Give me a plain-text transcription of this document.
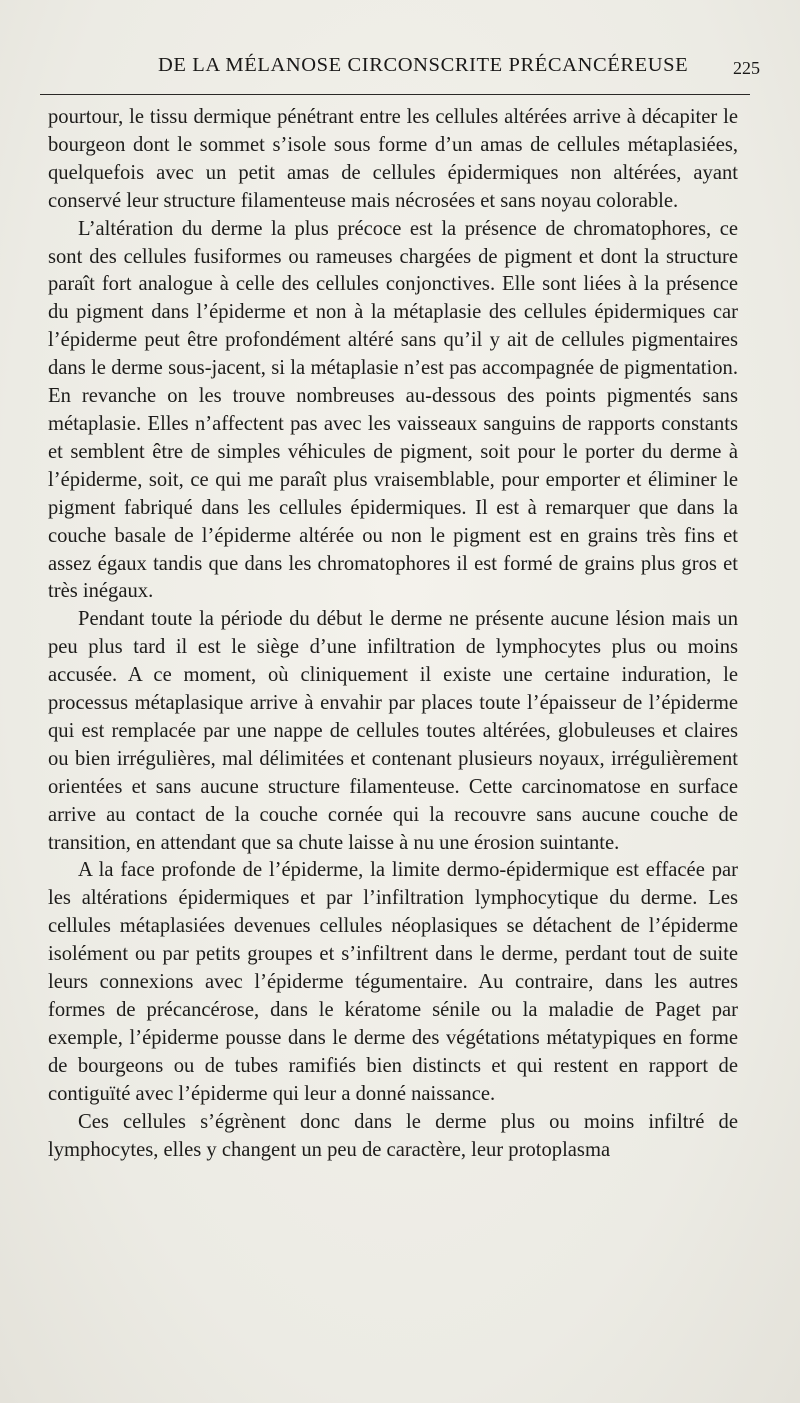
DE LA MÉLANOSE CIRCONSCRITE PRÉCANCÉREUSE 225

pourtour, le tissu dermique pénétrant entre les cellules altérées arrive à décapiter le bourgeon dont le sommet s’isole sous forme d’un amas de cellules métaplasiées, quelquefois avec un petit amas de cellules épidermiques non altérées, ayant conservé leur structure filamenteuse mais nécrosées et sans noyau colorable.

L’altération du derme la plus précoce est la présence de chromatophores, ce sont des cellules fusiformes ou rameuses chargées de pigment et dont la structure paraît fort analogue à celle des cellules conjonctives. Elle sont liées à la présence du pigment dans l’épiderme et non à la métaplasie des cellules épidermiques car l’épiderme peut être profondément altéré sans qu’il y ait de cellules pigmentaires dans le derme sous-jacent, si la métaplasie n’est pas accompagnée de pigmentation. En revanche on les trouve nombreuses au-dessous des points pigmentés sans métaplasie. Elles n’affectent pas avec les vaisseaux sanguins de rapports constants et semblent être de simples véhicules de pigment, soit pour le porter du derme à l’épiderme, soit, ce qui me paraît plus vraisemblable, pour emporter et éliminer le pigment fabriqué dans les cellules épidermiques. Il est à remarquer que dans la couche basale de l’épiderme altérée ou non le pigment est en grains très fins et assez égaux tandis que dans les chromatophores il est formé de grains plus gros et très inégaux.

Pendant toute la période du début le derme ne présente aucune lésion mais un peu plus tard il est le siège d’une infiltration de lymphocytes plus ou moins accusée. A ce moment, où cliniquement il existe une certaine induration, le processus métaplasique arrive à envahir par places toute l’épaisseur de l’épiderme qui est remplacée par une nappe de cellules toutes altérées, globuleuses et claires ou bien irrégulières, mal délimitées et contenant plusieurs noyaux, irrégulièrement orientées et sans aucune structure filamenteuse. Cette carcinomatose en surface arrive au contact de la couche cornée qui la recouvre sans aucune couche de transition, en attendant que sa chute laisse à nu une érosion suintante.

A la face profonde de l’épiderme, la limite dermo-épidermique est effacée par les altérations épidermiques et par l’infiltration lymphocytique du derme. Les cellules métaplasiées devenues cellules néoplasiques se détachent de l’épiderme isolément ou par petits groupes et s’infiltrent dans le derme, perdant tout de suite leurs connexions avec l’épiderme tégumentaire. Au contraire, dans les autres formes de précancérose, dans le kératome sénile ou la maladie de Paget par exemple, l’épiderme pousse dans le derme des végétations métatypiques en forme de bourgeons ou de tubes ramifiés bien distincts et qui restent en rapport de contiguïté avec l’épiderme qui leur a donné naissance.

Ces cellules s’égrènent donc dans le derme plus ou moins infiltré de lymphocytes, elles y changent un peu de caractère, leur protoplasma
